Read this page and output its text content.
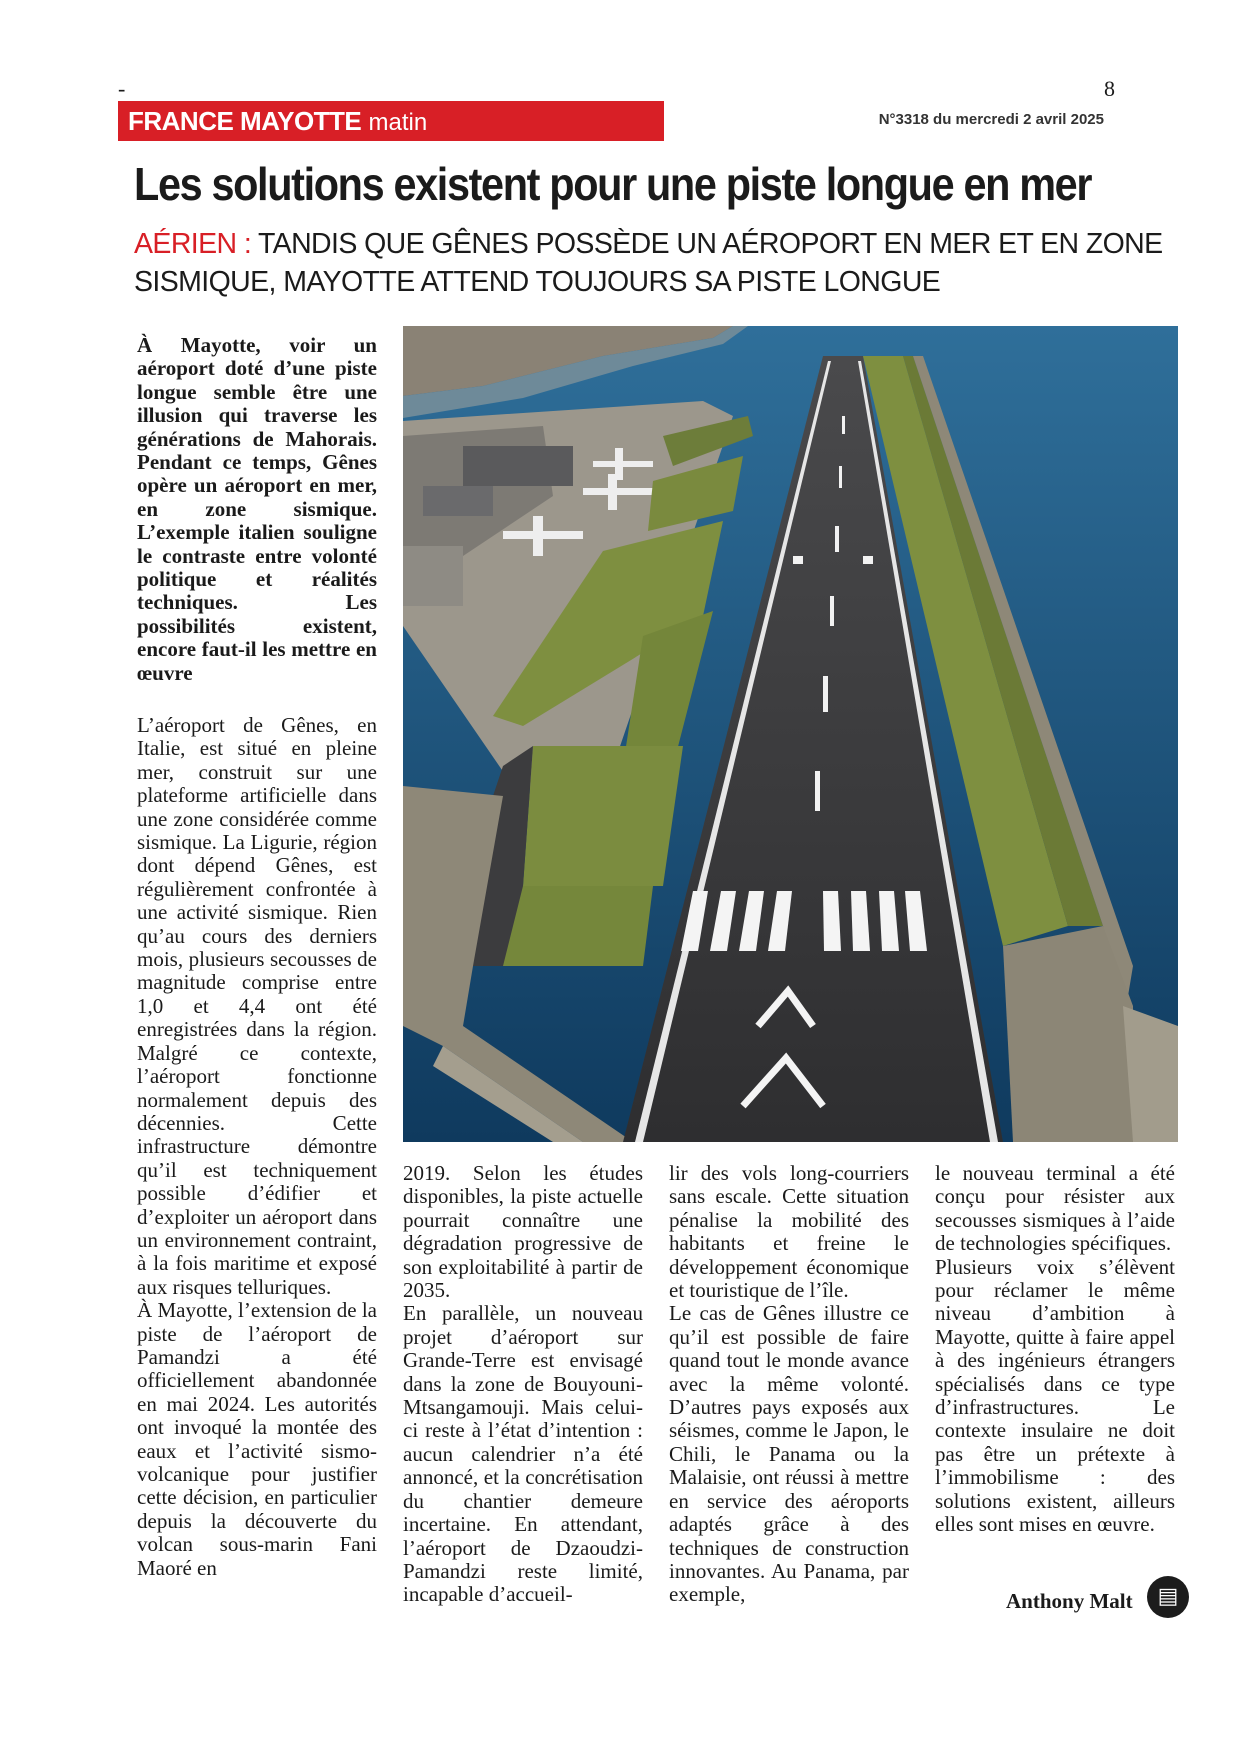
-	8
FRANCE MAYOTTE matin	N°3318 du mercredi 2 avril 2025
Les solutions existent pour une piste longue en mer

AÉRIEN : TANDIS QUE GÊNES POSSÈDE UN AÉROPORT EN MER ET EN ZONE SISMIQUE, MAYOTTE ATTEND TOUJOURS SA PISTE LONGUE

À Mayotte, voir un aéroport doté d’une piste longue semble être une illusion qui traverse les générations de Mahorais. Pendant ce temps, Gênes opère un aéroport en mer, en zone sismique. L’exemple italien souligne le contraste entre volonté politique et réalités techniques. Les possibilités existent, encore faut-il les mettre en œuvre

L’aéroport de Gênes, en Italie, est situé en pleine mer, construit sur une plateforme artificielle dans une zone considérée comme sismique. La Ligurie, région dont dépend Gênes, est régulièrement confrontée à une activité sismique. Rien qu’au cours des derniers mois, plusieurs secousses de magnitude comprise entre 1,0 et 4,4 ont été enregistrées dans la région. Malgré ce contexte, l’aéroport fonctionne normalement depuis des décennies. Cette infrastructure démontre qu’il est techniquement possible d’édifier et d’exploiter un aéroport dans un environnement contraint, à la fois maritime et exposé aux risques telluriques.

À Mayotte, l’extension de la piste de l’aéroport de Pamandzi a été officiellement abandonnée en mai 2024. Les autorités ont invoqué la montée des eaux et l’activité sismo-volcanique pour justifier cette décision, en particulier depuis la découverte du volcan sous-marin Fani Maoré en

2019. Selon les études disponibles, la piste actuelle pourrait connaître une dégradation progressive de son exploitabilité à partir de 2035.

En parallèle, un nouveau projet d’aéroport sur Grande-Terre est envisagé dans la zone de Bouyouni-Mtsangamouji. Mais celui-ci reste à l’état d’intention : aucun calendrier n’a été annoncé, et la concrétisation du chantier demeure incertaine. En attendant, l’aéroport de Dzaoudzi-Pamandzi reste limité, incapable d’accueil-

lir des vols long-courriers sans escale. Cette situation pénalise la mobilité des habitants et freine le développement économique et touristique de l’île.

Le cas de Gênes illustre ce qu’il est possible de faire quand tout le monde avance avec la même volonté. D’autres pays exposés aux séismes, comme le Japon, le Chili, le Panama ou la Malaisie, ont réussi à mettre en service des aéroports adaptés grâce à des techniques de construction innovantes. Au Panama, par exemple,

le nouveau terminal a été conçu pour résister aux secousses sismiques à l’aide de technologies spécifiques.

Plusieurs voix s’élèvent pour réclamer le même niveau d’ambition à Mayotte, quitte à faire appel à des ingénieurs étrangers spécialisés dans ce type d’infrastructures. Le contexte insulaire ne doit pas être un prétexte à l’immobilisme : des solutions existent, ailleurs elles sont mises en œuvre.

Anthony Malt	▤
